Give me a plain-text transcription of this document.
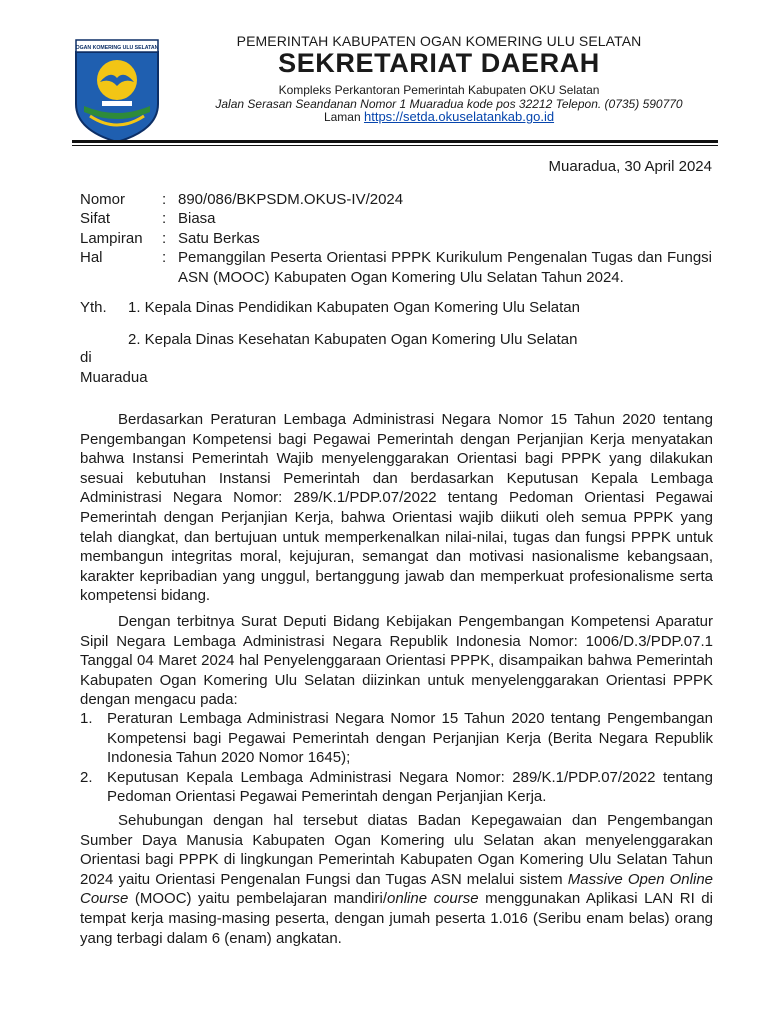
OGAN KOMERING ULU SELATAN	PEMERINTAH KABUPATEN OGAN KOMERING ULU SELATAN
SEKRETARIAT DAERAH
Kompleks Perkantoran Pemerintah Kabupaten OKU Selatan
Jalan Serasan Seandanan Nomor 1 Muaradua kode pos 32212 Telepon. (0735) 590770
Laman https://setda.okuselatankab.go.id
Muaradua, 30 April 2024
Nomor	: 890/086/BKPSDM.OKUS-IV/2024
Sifat	: Biasa
Lampiran	: Satu Berkas
Hal	: Pemanggilan Peserta Orientasi PPPK Kurikulum Pengenalan Tugas dan Fungsi ASN (MOOC) Kabupaten Ogan Komering Ulu Selatan Tahun 2024.
Yth.	1. Kepala Dinas Pendidikan Kabupaten Ogan Komering Ulu Selatan
2. Kepala Dinas Kesehatan Kabupaten Ogan Komering Ulu Selatan
di
Muaradua
Berdasarkan Peraturan Lembaga Administrasi Negara Nomor 15 Tahun 2020 tentang Pengembangan Kompetensi bagi Pegawai Pemerintah dengan Perjanjian Kerja menyatakan bahwa Instansi Pemerintah Wajib menyelenggarakan Orientasi bagi PPPK yang dilakukan sesuai kebutuhan Instansi Pemerintah dan berdasarkan Keputusan Kepala Lembaga Administrasi Negara Nomor: 289/K.1/PDP.07/2022 tentang Pedoman Orientasi Pegawai Pemerintah dengan Perjanjian Kerja, bahwa Orientasi wajib diikuti oleh semua PPPK yang telah diangkat, dan bertujuan untuk memperkenalkan nilai-nilai, tugas dan fungsi PPPK untuk membangun integritas moral, kejujuran, semangat dan motivasi nasionalisme kebangsaan, karakter kepribadian yang unggul, bertanggung jawab dan memperkuat profesionalisme serta kompetensi bidang.
Dengan terbitnya Surat Deputi Bidang Kebijakan Pengembangan Kompetensi Aparatur Sipil Negara Lembaga Administrasi Negara Republik Indonesia Nomor: 1006/D.3/PDP.07.1 Tanggal 04 Maret 2024 hal Penyelenggaraan Orientasi PPPK, disampaikan bahwa Pemerintah Kabupaten Ogan Komering Ulu Selatan diizinkan untuk menyelenggarakan Orientasi PPPK dengan mengacu pada:
1. Peraturan Lembaga Administrasi Negara Nomor 15 Tahun 2020 tentang Pengembangan Kompetensi bagi Pegawai Pemerintah dengan Perjanjian Kerja (Berita Negara Republik Indonesia Tahun 2020 Nomor 1645);
2. Keputusan Kepala Lembaga Administrasi Negara Nomor: 289/K.1/PDP.07/2022 tentang Pedoman Orientasi Pegawai Pemerintah dengan Perjanjian Kerja.
Sehubungan dengan hal tersebut diatas Badan Kepegawaian dan Pengembangan Sumber Daya Manusia Kabupaten Ogan Komering ulu Selatan akan menyelenggarakan Orientasi bagi PPPK di lingkungan Pemerintah Kabupaten Ogan Komering Ulu Selatan Tahun 2024 yaitu Orientasi Pengenalan Fungsi dan Tugas ASN melalui sistem Massive Open Online Course (MOOC) yaitu pembelajaran mandiri/online course menggunakan Aplikasi LAN RI di tempat kerja masing-masing peserta, dengan jumah peserta 1.016 (Seribu enam belas) orang yang terbagi dalam 6 (enam) angkatan.
